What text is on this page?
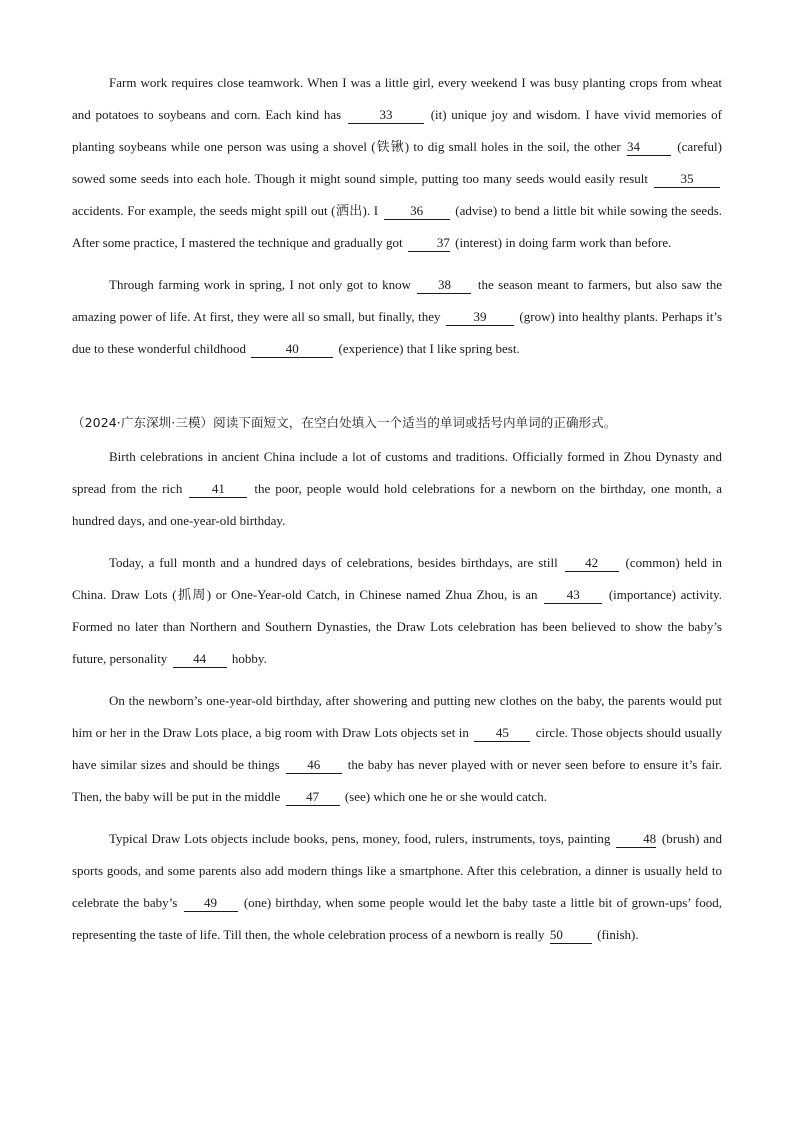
Farm work requires close teamwork. When I was a little girl, every weekend I was busy planting crops from wheat and potatoes to soybeans and corn. Each kind has	33	(it) unique joy and wisdom. I have vivid memories of planting soybeans while one person was using a shovel (铁锹) to dig small holes in the soil, the other 34	(careful) sowed some seeds into each hole. Though it might sound simple, putting too many seeds would easily result 35 accidents. For example, the seeds might spill out (洒出). I 36 (advise) to bend a little bit while sowing the seeds. After some practice, I mastered the technique and gradually got 37 (interest) in doing farm work than before.

Through farming work in spring, I not only got to know 38 the season meant to farmers, but also saw the amazing power of life. At first, they were all so small, but finally, they 39 (grow) into healthy plants. Perhaps it’s due to these wonderful childhood	40	(experience) that I like spring best.

（2024·广东深圳·三模）阅读下面短文，在空白处填入一个适当的单词或括号内单词的正确形式。

Birth celebrations in ancient China include a lot of customs and traditions. Officially formed in Zhou Dynasty and spread from the rich 41 the poor, people would hold celebrations for a newborn on the birthday, one month, a hundred days, and one-year-old birthday.

Today, a full month and a hundred days of celebrations, besides birthdays, are still 42 (common) held in China. Draw Lots (抓周) or One-Year-old Catch, in Chinese named Zhua Zhou, is an 43 (importance) activity. Formed no later than Northern and Southern Dynasties, the Draw Lots celebration has been believed to show the baby’s future, personality 44 hobby.

On the newborn’s one-year-old birthday, after showering and putting new clothes on the baby, the parents would put him or her in the Draw Lots place, a big room with Draw Lots objects set in 45 circle. Those objects should usually have similar sizes and should be things 46 the baby has never played with or never seen before to ensure it’s fair. Then, the baby will be put in the middle 47 (see) which one he or she would catch.

Typical Draw Lots objects include books, pens, money, food, rulers, instruments, toys, painting 48 (brush) and sports goods, and some parents also add modern things like a smartphone. After this celebration, a dinner is usually held to celebrate the baby’s 49 (one) birthday, when some people would let the baby taste a little bit of grown-ups’ food, representing the taste of life. Till then, the whole celebration process of a newborn is really 50 (finish).
